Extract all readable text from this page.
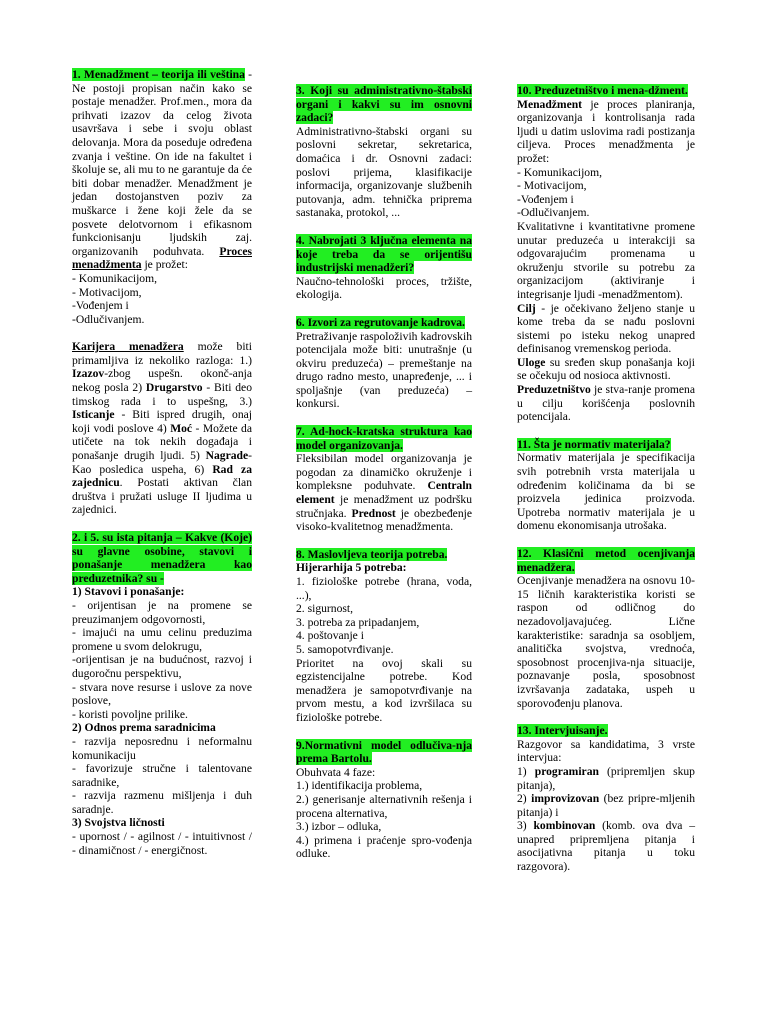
1. Menadžment – teorija ili veština - Ne postoji propisan način kako se postaje menadžer. Prof.men., mora da prihvati izazov da celog života usavršava i sebe i svoju oblast delovanja. Mora da poseduje određena zvanja i veštine. On ide na fakultet i školuje se, ali mu to ne garantuje da će biti dobar menadžer. Menadžment je jedan dostojanstven poziv za muškarce i žene koji žele da se posvete delotvornom i efikasnom funkcionisanju ljudskih zaj. organizovanih poduhvata. Proces menadžmenta je prožet:

- Komunikacijom,
- Motivacijom,
-Vođenjem i
-Odlučivanjem.

Karijera menadžera može biti primamljiva iz nekoliko razloga: 1.) Izazov-zbog uspešn. okonč-anja nekog posla 2) Drugarstvo - Biti deo timskog rada i to uspešng, 3.) Isticanje - Biti ispred drugih, onaj koji vodi poslove 4) Moć - Možete da utičete na tok nekih događaja i ponašanje drugih ljudi. 5) Nagrade-Kao posledica uspeha, 6) Rad za zajednicu. Postati aktivan član društva i pružati usluge II ljudima u zajednici.

2. i 5. su ista pitanja – Kakve (Koje) su glavne osobine, stavovi i ponašanje menadžera kao preduzetnika? su -

1) Stavovi i ponašanje:

- orijentisan je na promene se preuzimanjem odgovornosti,

- imajući na umu celinu preduzima promene u svom delokrugu,

-orijentisan je na budućnost, razvoj i dugoročnu perspektivu,

- stvara nove resurse i uslove za nove poslove,

- koristi povoljne prilike.

2) Odnos prema saradnicima

- razvija neposrednu i neformalnu komunikaciju

- favorizuje stručne i talentovane saradnike,

- razvija razmenu mišljenja i duh saradnje.

3) Svojstva ličnosti

- upornost / - agilnost / - intuitivnost / - dinamičnost / - energičnost.

3. Koji su administrativno-štabski organi i kakvi su im osnovni zadaci?

Administrativno-štabski organi su poslovni sekretar, sekretarica, domaćica i dr. Osnovni zadaci: poslovi prijema, klasifikacije informacija, organizovanje službenih putovanja, adm. tehnička priprema sastanaka, protokol, ...

4. Nabrojati 3 ključna elementa na koje treba da se orijentišu industrijski menadžeri?

Naučno-tehnološki proces, tržište, ekologija.

6. Izvori za regrutovanje kadrova.

Pretraživanje raspoloživih kadrovskih potencijala može biti: unutrašnje (u okviru preduzeća) – premeštanje na drugo radno mesto, unapređenje, ... i spoljašnje (van preduzeća) – konkursi.

7. Ad-hock-kratska struktura kao model organizovanja.

Fleksibilan model organizovanja je pogodan za dinamičko okruženje i kompleksne poduhvate. Centraln element je menadžment uz podršku stručnjaka. Prednost je obezbeđenje visoko-kvalitetnog menadžmenta.

8. Maslovljeva teorija potreba.

Hijerarhija 5 potreba:

1. fiziološke potrebe (hrana, voda, ...),

2. sigurnost,

3. potreba za pripadanjem,

4. poštovanje i

5. samopotvrđivanje.

Prioritet na ovoj skali su egzistencijalne potrebe. Kod menadžera je samopotvrđivanje na prvom mestu, a kod izvršilaca su fiziološke potrebe.

9.Normativni model odlučiva-nja prema Bartolu.

Obuhvata 4 faze:

1.) identifikacija problema,

2.) generisanje alternativnih rešenja i procena alternativa,

3.) izbor – odluka,

4.) primena i praćenje spro-vođenja odluke.

10. Preduzetništvo i mena-džment.

Menadžment je proces planiranja, organizovanja i kontrolisanja rada ljudi u datim uslovima radi postizanja ciljeva. Proces menadžmenta je prožet:

- Komunikacijom,
- Motivacijom,
-Vođenjem i
-Odlučivanjem.

Kvalitativne i kvantitativne promene unutar preduzeća u interakciji sa odgovarajućim promenama u okruženju stvorile su potrebu za organizacijom (aktiviranje i integrisanje ljudi -menadžmentom).

Cilj - je očekivano željeno stanje u kome treba da se nađu poslovni sistemi po isteku nekog unapred definisanog vremenskog perioda.

Uloge su sređen skup ponašanja koji se očekuju od nosioca aktivnosti.

Preduzetništvo je stva-ranje promena u cilju korišćenja poslovnih potencijala.

11. Šta je normativ materijala?

Normativ materijala je specifikacija svih potrebnih vrsta materijala u određenim količinama da bi se proizvela jedinica proizvoda. Upotreba normativ materijala je u domenu ekonomisanja utrošaka.

12. Klasični metod ocenjivanja menadžera.

Ocenjivanje menadžera na osnovu 10-15 ličnih karakteristika koristi se raspon od odličnog do nezadovoljavajućeg. Lične karakteristike: saradnja sa osobljem, analitička svojstva, vrednoća, sposobnost procenjiva-nja situacije, poznavanje posla, sposobnost izvršavanja zadataka, uspeh u sporovođenju planova.

13. Intervjuisanje.

Razgovor sa kandidatima, 3 vrste intervjua:

1) programiran (pripremljen skup pitanja),

2) improvizovan (bez pripre-mljenih pitanja) i

3) kombinovan (komb. ova dva – unapred pripremljena pitanja i asocijativna pitanja u toku razgovora).
